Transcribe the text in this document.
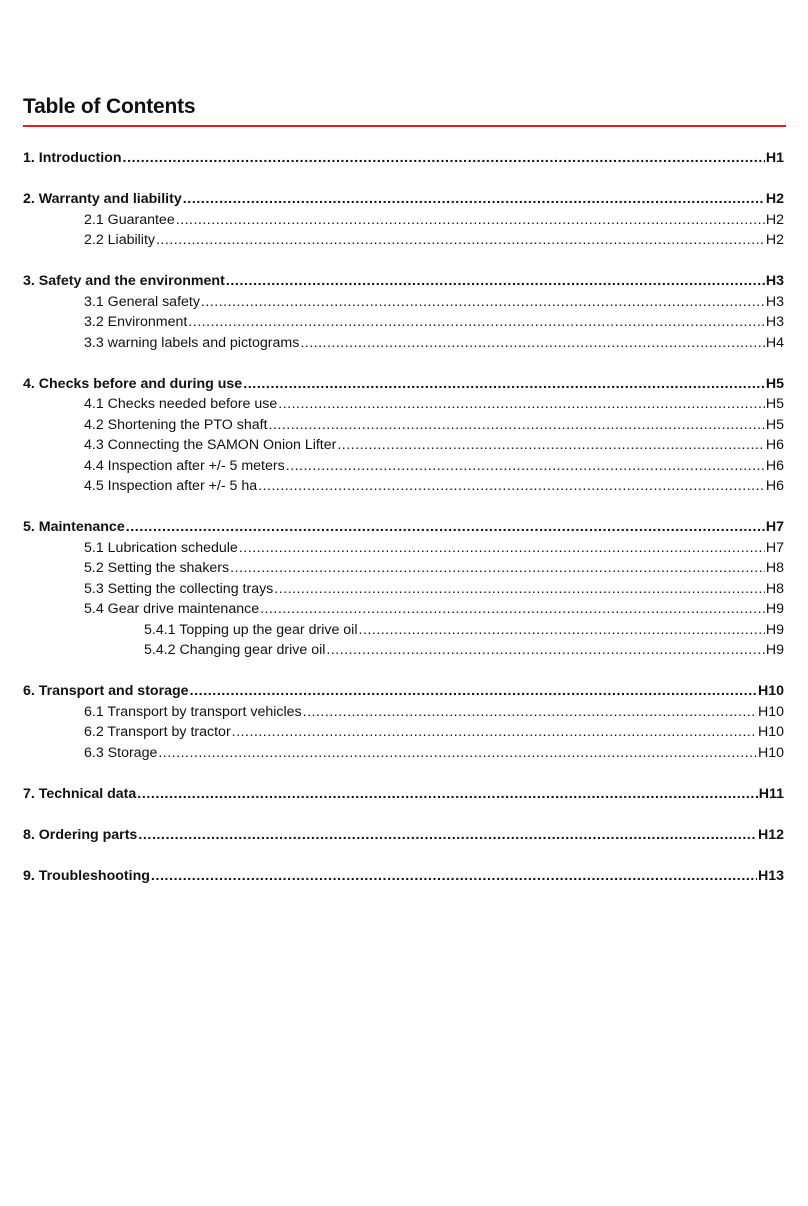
Table of Contents
1. Introduction .....	H1
2. Warranty and liability .....	H2
2.1 Guarantee .....	H2
2.2 Liability .....	H2
3. Safety and the environment .....	H3
3.1 General safety .....	H3
3.2 Environment .....	H3
3.3 warning labels and pictograms .....	H4
4. Checks before and during use .....	H5
4.1 Checks needed before use .....	H5
4.2 Shortening the PTO shaft .....	H5
4.3 Connecting the SAMON Onion Lifter .....	H6
4.4 Inspection after +/- 5 meters .....	H6
4.5 Inspection after +/- 5 ha .....	H6
5. Maintenance .....	H7
5.1 Lubrication schedule .....	H7
5.2 Setting the shakers .....	H8
5.3 Setting the collecting trays .....	H8
5.4 Gear drive maintenance .....	H9
5.4.1 Topping up the gear drive oil .....	H9
5.4.2 Changing gear drive oil .....	H9
6. Transport and storage .....	H10
6.1 Transport by transport vehicles .....	H10
6.2 Transport by tractor .....	H10
6.3 Storage .....	H10
7. Technical data .....	H11
8. Ordering parts .....	H12
9. Troubleshooting .....	H13
